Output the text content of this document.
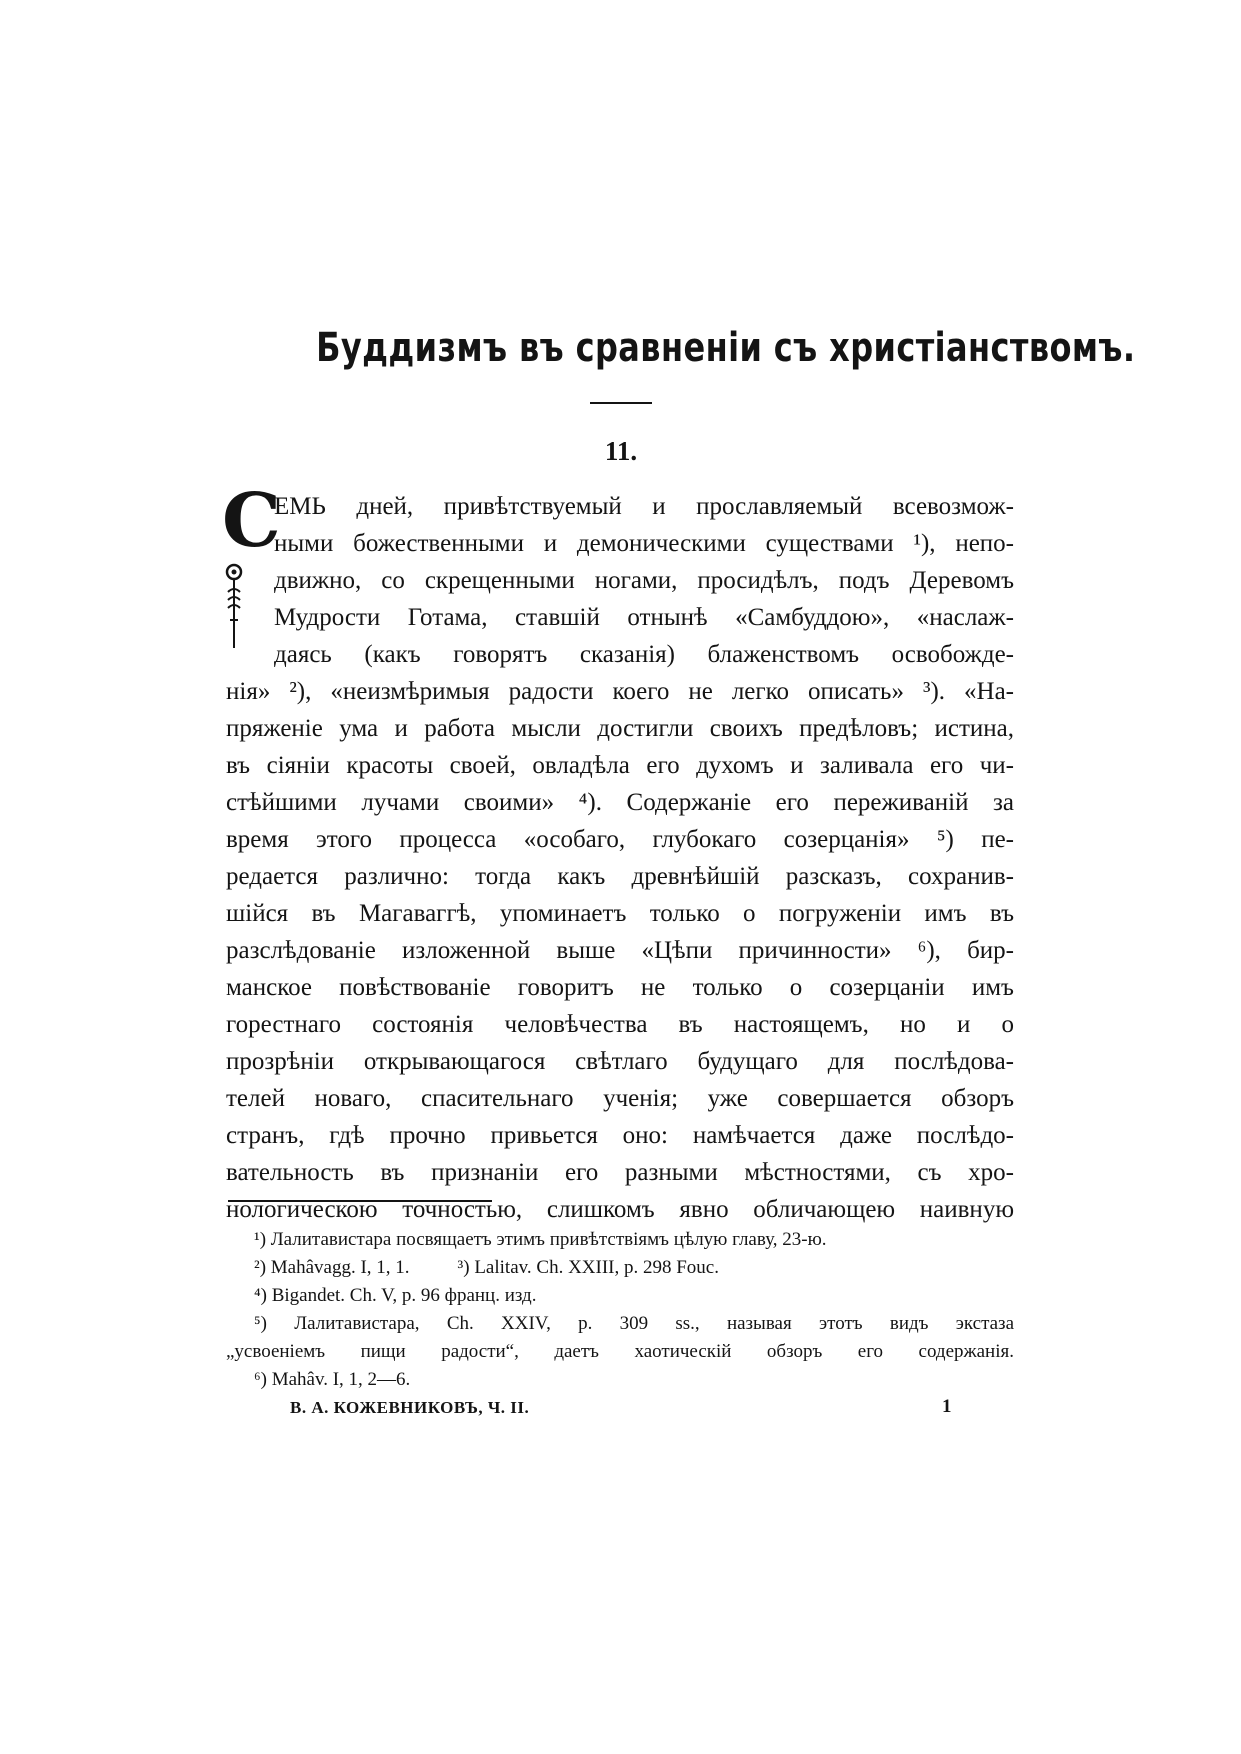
Буддизмъ въ сравненіи съ христіанствомъ.
11.
С
ЕМЬ дней, привѣтствуемый и прославляемый всевозмож-
ными божественными и демоническими существами ¹), непо-
движно, со скрещенными ногами, просидѣлъ, подъ Деревомъ
Мудрости Готама, ставшій отнынѣ «Самбуддою», «наслаж-
даясь (какъ говорятъ сказанія) блаженствомъ освобожде-
нія» ²), «неизмѣримыя радости коего не легко описать» ³). «На-
пряженіе ума и работа мысли достигли своихъ предѣловъ; истина,
въ сіяніи красоты своей, овладѣла его духомъ и заливала его чи-
стѣйшими лучами своими» ⁴). Содержаніе его переживаній за
время этого процесса «особаго, глубокаго созерцанія» ⁵) пе-
редается различно: тогда какъ древнѣйшій разсказъ, сохранив-
шійся въ Магаваггѣ, упоминаетъ только о погруженіи имъ въ
разслѣдованіе изложенной выше «Цѣпи причинности» ⁶), бир-
манское повѣствованіе говоритъ не только о созерцаніи имъ
горестнаго состоянія человѣчества въ настоящемъ, но и о
прозрѣніи открывающагося свѣтлаго будущаго для послѣдова-
телей новаго, спасительнаго ученія; уже совершается обзоръ
странъ, гдѣ прочно привьется оно: намѣчается даже послѣдо-
вательность въ признаніи его разными мѣстностями, съ хро-
нологическою точностью, слишкомъ явно обличающею наивную
¹) Лалитавистара посвящаетъ этимъ привѣтствіямъ цѣлую главу, 23-ю.
²) Mahâvagg. I, 1, 1.	³) Lalitav. Ch. XXIII, p. 298 Fouc.
⁴) Bigandet. Ch. V, p. 96 франц. изд.
⁵) Лалитавистара, Ch. XXIV, p. 309 ss., называя этотъ видъ экстаза
„усвоеніемъ пищи радости“, даетъ хаотическій обзоръ его содержанія.
⁶) Mahâv. I, 1, 2—6.
В. А. КОЖЕВНИКОВЪ, Ч. II.	1
